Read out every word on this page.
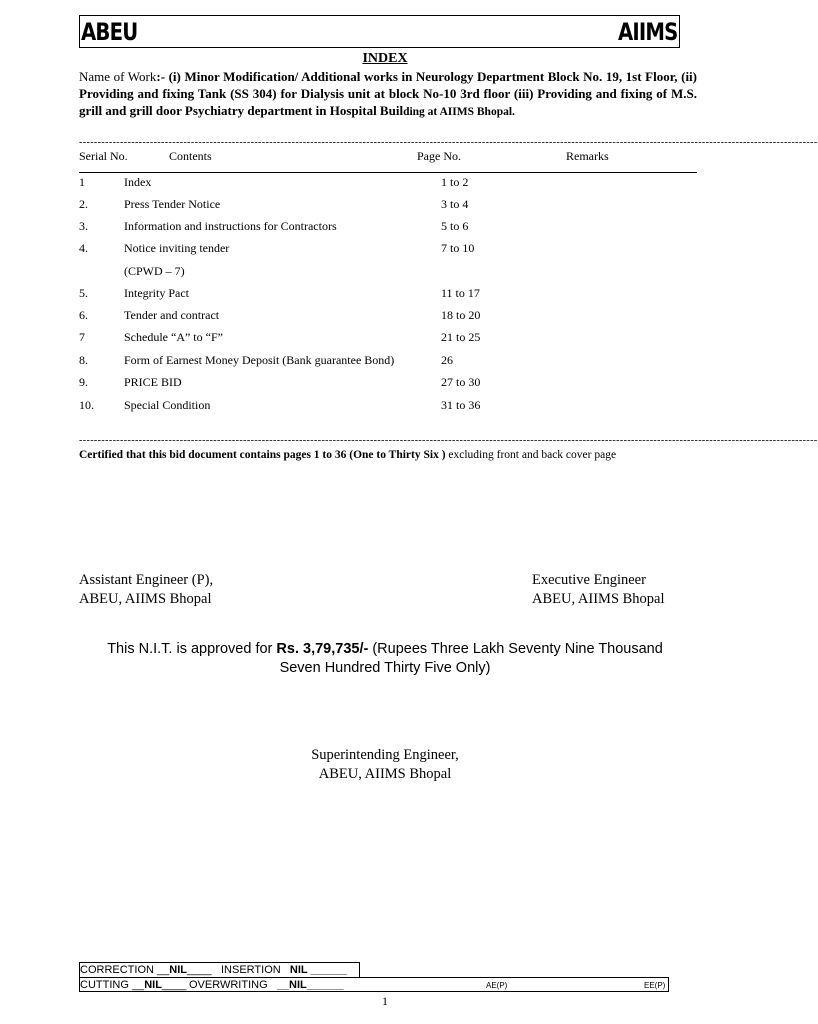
ABEU	AIIMS
INDEX
Name of Work:- (i) Minor Modification/ Additional works in Neurology Department Block No. 19, 1st Floor, (ii) Providing and fixing Tank (SS 304) for Dialysis unit at block No-10 3rd floor (iii) Providing and fixing of M.S. grill and grill door Psychiatry department in Hospital Building at AIIMS Bhopal.
------------------------------------------------------------------------------------------------------------------------------------------------------------------------------------------------------
Serial No.	Contents	Page No.	Remarks
1	Index	1 to 2
2.	Press Tender Notice	3 to 4
3.	Information and instructions for Contractors	5 to 6
4.	Notice inviting tender	7 to 10
(CPWD – 7)
5.	Integrity Pact	11 to 17
6.	Tender and contract	18 to 20
7	Schedule “A” to “F”	21 to 25
8.	Form of Earnest Money Deposit (Bank guarantee Bond)	26
9.	PRICE BID	27 to 30
10.	Special Condition	31 to 36
------------------------------------------------------------------------------------------------------------------------------------------------------------------------------------------------------
Certified that this bid document contains pages 1 to 36 (One to Thirty Six ) excluding front and back cover page
Assistant Engineer (P),
ABEU, AIIMS Bhopal
Executive Engineer
ABEU, AIIMS Bhopal
This N.I.T. is approved for Rs. 3,79,735/- (Rupees Three Lakh Seventy Nine Thousand
Seven Hundred Thirty Five Only)
Superintending Engineer,
ABEU, AIIMS Bhopal
CORRECTION __NIL____ INSERTION NIL ______
CUTTING __NIL____ OVERWRITING __NIL______	AE(P)	EE(P)
1
